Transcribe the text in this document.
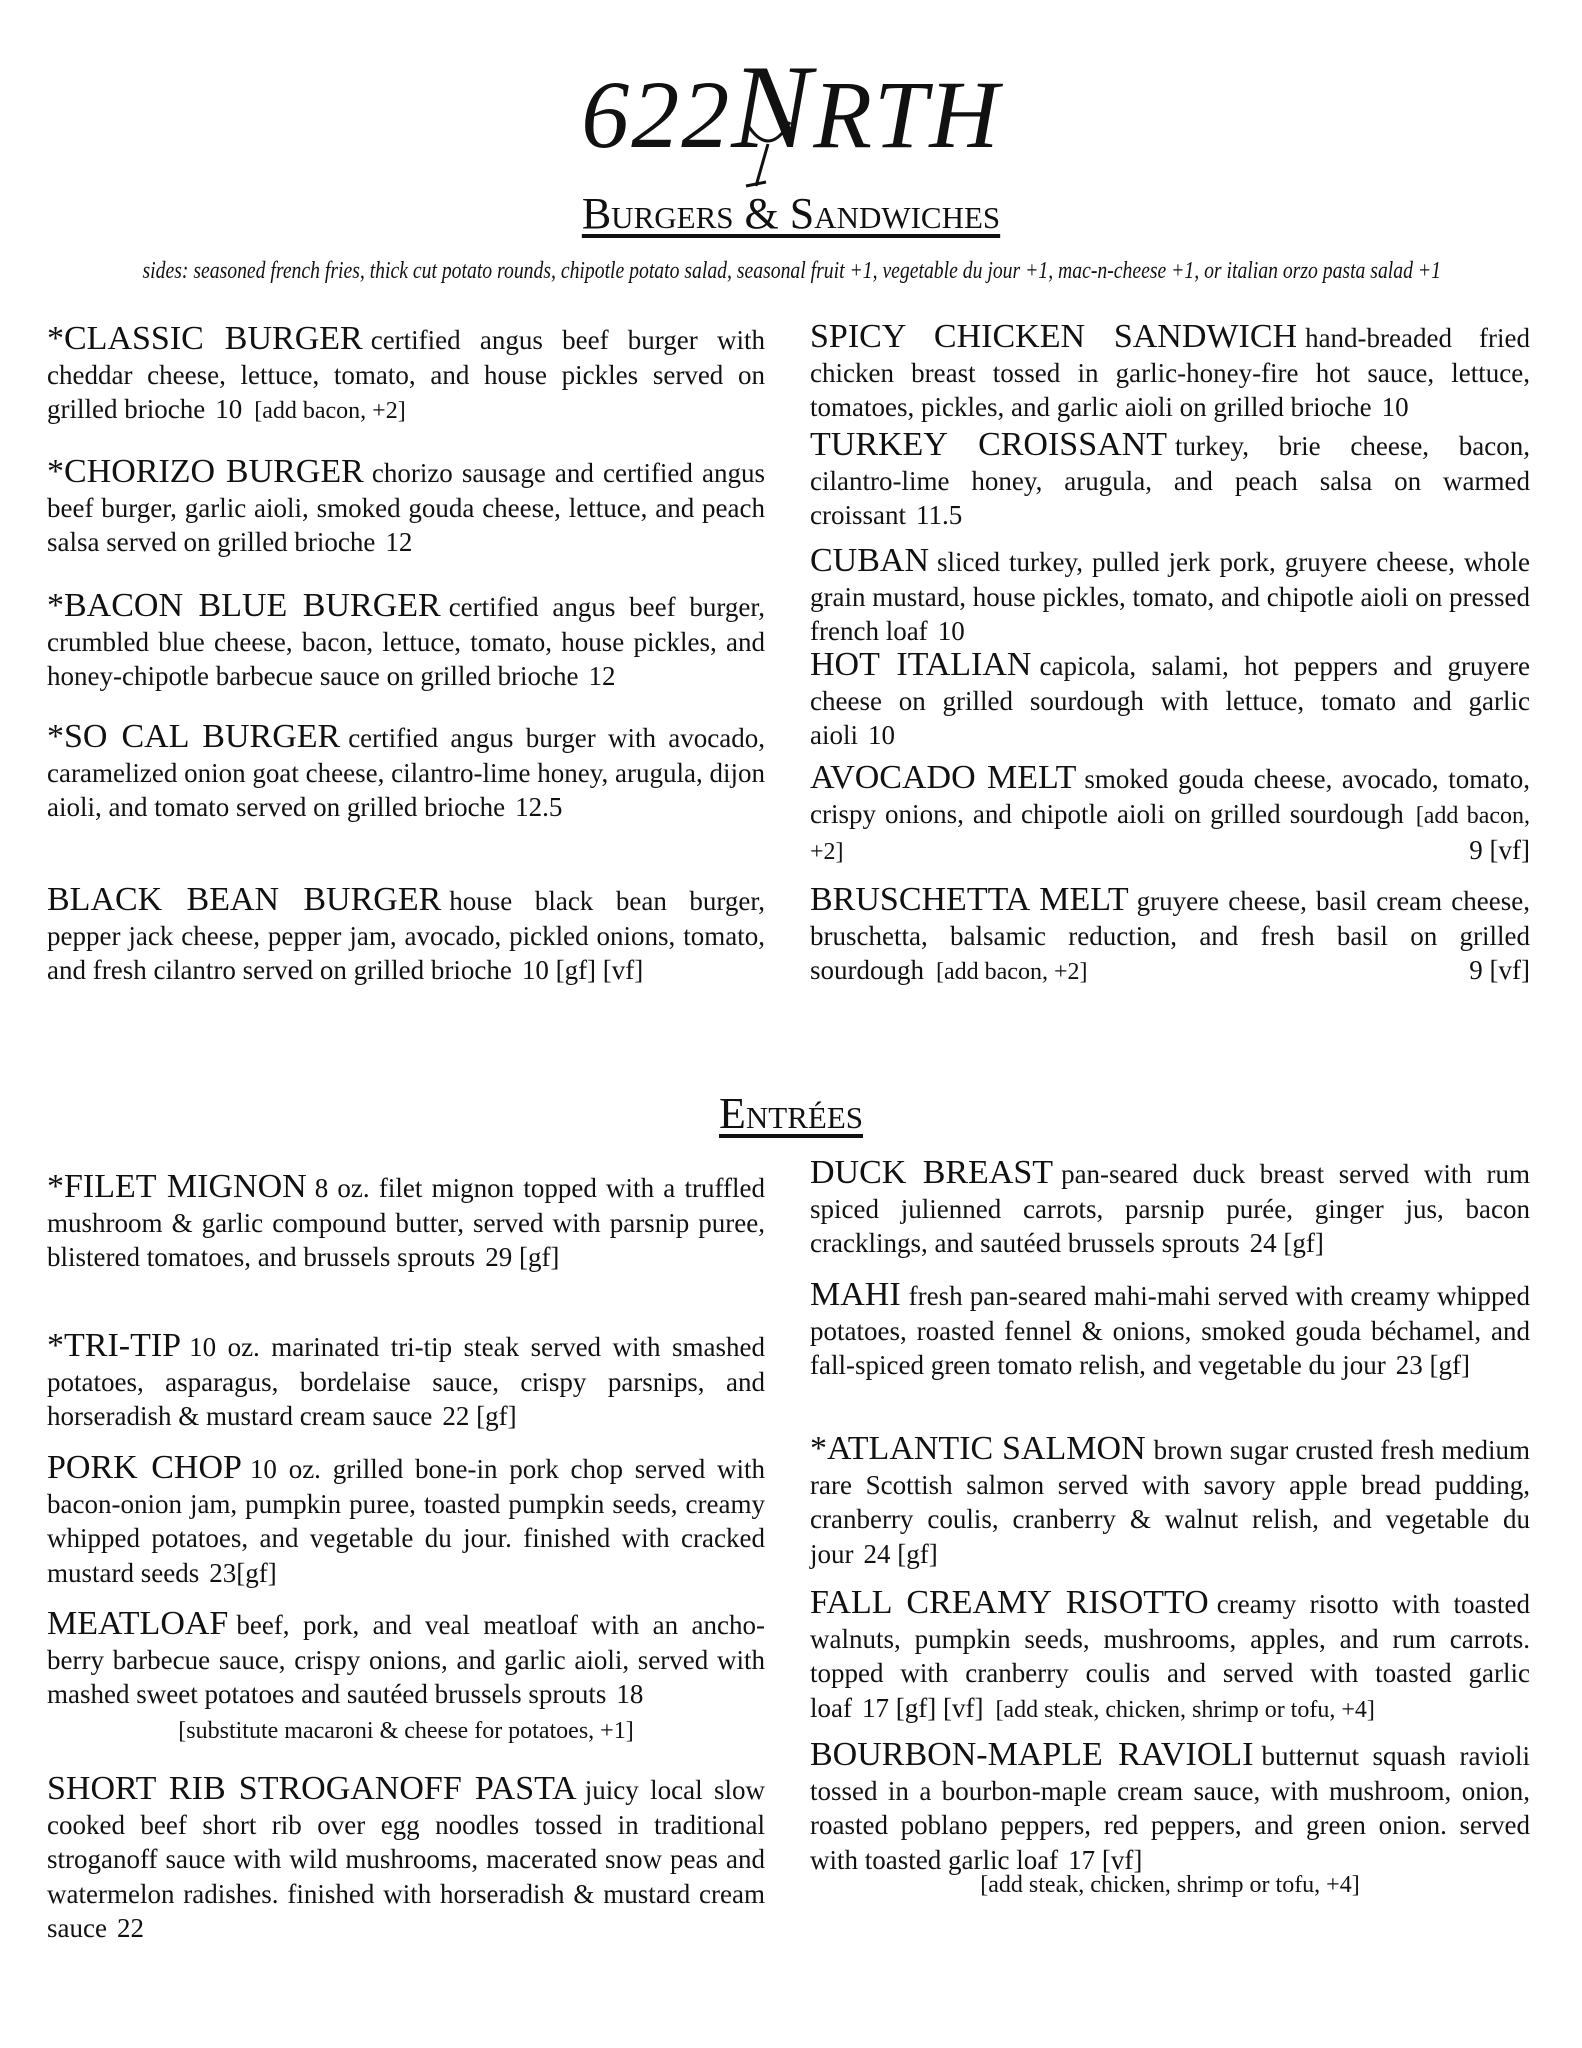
622NRTH
Burgers & Sandwiches
sides: seasoned french fries, thick cut potato rounds, chipotle potato salad, seasonal fruit +1, vegetable du jour +1, mac-n-cheese +1, or italian orzo pasta salad +1
Entrées
*CLASSIC BURGER certified angus beef burger with cheddar cheese, lettuce, tomato, and house pickles served on grilled brioche 10 [add bacon, +2]
*CHORIZO BURGER chorizo sausage and certified angus beef burger, garlic aioli, smoked gouda cheese, lettuce, and peach salsa served on grilled brioche 12
*BACON BLUE BURGER certified angus beef burger, crumbled blue cheese, bacon, lettuce, tomato, house pickles, and honey-chipotle barbecue sauce on grilled brioche 12
*SO CAL BURGER certified angus burger with avocado, caramelized onion goat cheese, cilantro-lime honey, arugula, dijon aioli, and tomato served on grilled brioche 12.5
BLACK BEAN BURGER house black bean burger, pepper jack cheese, pepper jam, avocado, pickled onions, tomato, and fresh cilantro served on grilled brioche 10 [gf] [vf]
SPICY CHICKEN SANDWICH hand-breaded fried chicken breast tossed in garlic-honey-fire hot sauce, lettuce, tomatoes, pickles, and garlic aioli on grilled brioche 10
TURKEY CROISSANT turkey, brie cheese, bacon, cilantro-lime honey, arugula, and peach salsa on warmed croissant 11.5
CUBAN sliced turkey, pulled jerk pork, gruyere cheese, whole grain mustard, house pickles, tomato, and chipotle aioli on pressed french loaf 10
HOT ITALIAN capicola, salami, hot peppers and gruyere cheese on grilled sourdough with lettuce, tomato and garlic aioli 10
AVOCADO MELT smoked gouda cheese, avocado, tomato, crispy onions, and chipotle aioli on grilled sourdough [add bacon, +2]	9 [vf]
BRUSCHETTA MELT gruyere cheese, basil cream cheese, bruschetta, balsamic reduction, and fresh basil on grilled sourdough [add bacon, +2]	9 [vf]
*FILET MIGNON 8 oz. filet mignon topped with a truffled mushroom & garlic compound butter, served with parsnip puree, blistered tomatoes, and brussels sprouts 29 [gf]
*TRI-TIP 10 oz. marinated tri-tip steak served with smashed potatoes, asparagus, bordelaise sauce, crispy parsnips, and horseradish & mustard cream sauce 22 [gf]
PORK CHOP 10 oz. grilled bone-in pork chop served with bacon-onion jam, pumpkin puree, toasted pumpkin seeds, creamy whipped potatoes, and vegetable du jour. finished with cracked mustard seeds 23[gf]
MEATLOAF beef, pork, and veal meatloaf with an ancho-berry barbecue sauce, crispy onions, and garlic aioli, served with mashed sweet potatoes and sautéed brussels sprouts 18
[substitute macaroni & cheese for potatoes, +1]
SHORT RIB STROGANOFF PASTA juicy local slow cooked beef short rib over egg noodles tossed in traditional stroganoff sauce with wild mushrooms, macerated snow peas and watermelon radishes. finished with horseradish & mustard cream sauce 22
DUCK BREAST pan-seared duck breast served with rum spiced julienned carrots, parsnip purée, ginger jus, bacon cracklings, and sautéed brussels sprouts 24 [gf]
MAHI fresh pan-seared mahi-mahi served with creamy whipped potatoes, roasted fennel & onions, smoked gouda béchamel, and fall-spiced green tomato relish, and vegetable du jour 23 [gf]
*ATLANTIC SALMON brown sugar crusted fresh medium rare Scottish salmon served with savory apple bread pudding, cranberry coulis, cranberry & walnut relish, and vegetable du jour 24 [gf]
FALL CREAMY RISOTTO creamy risotto with toasted walnuts, pumpkin seeds, mushrooms, apples, and rum carrots. topped with cranberry coulis and served with toasted garlic loaf 17 [gf] [vf] [add steak, chicken, shrimp or tofu, +4]
BOURBON-MAPLE RAVIOLI butternut squash ravioli tossed in a bourbon-maple cream sauce, with mushroom, onion, roasted poblano peppers, red peppers, and green onion. served with toasted garlic loaf 17 [vf]
[add steak, chicken, shrimp or tofu, +4]
